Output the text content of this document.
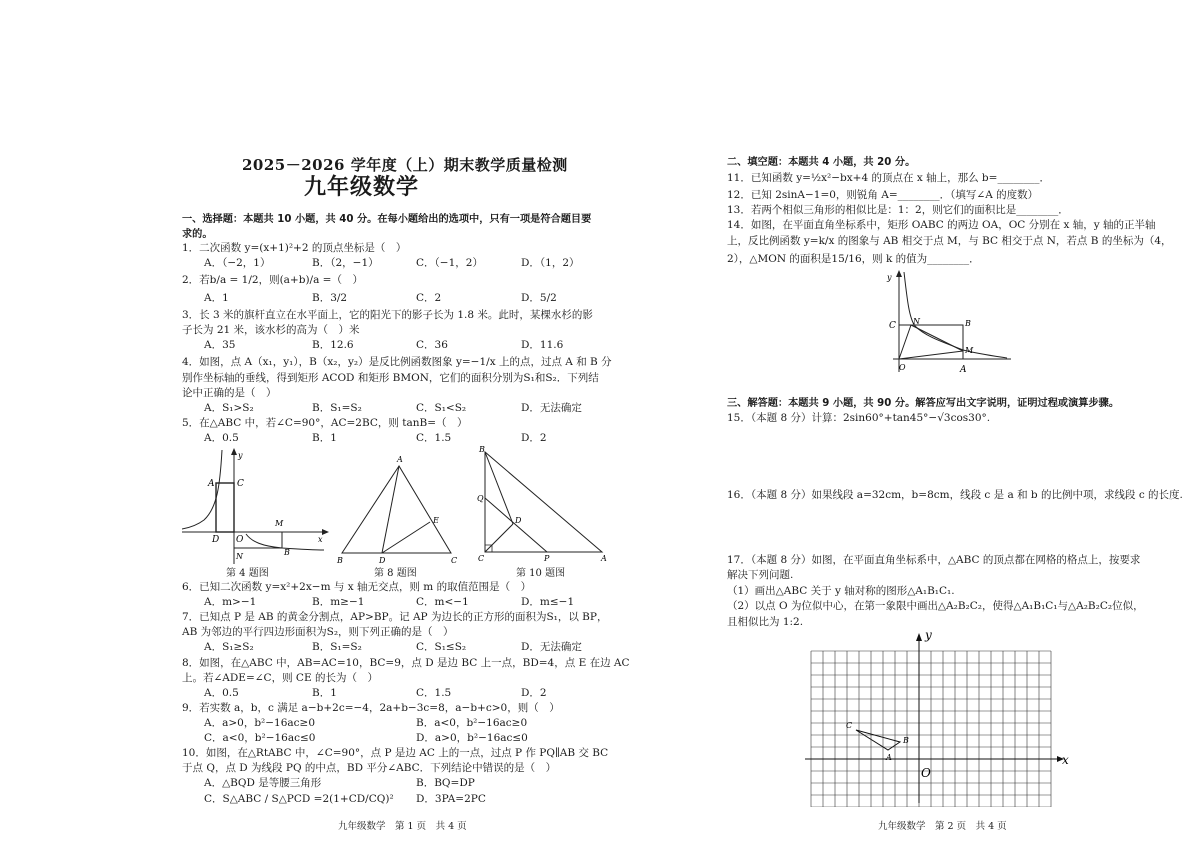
2025－2026 学年度（上）期末教学质量检测
九年级数学
一、选择题：本题共 10 小题，共 40 分。在每小题给出的选项中，只有一项是符合题目要
求的。
1．二次函数 y=(x+1)²+2 的顶点坐标是（　）
A．（−2，1）	B．（2，−1）	C．（−1，2）	D．（1，2）
2．若b/a = 1/2，则(a+b)/a =（　）
A．1	B．3/2	C．2	D．5/2
3．长 3 米的旗杆直立在水平面上，它的阳光下的影子长为 1.8 米。此时，某棵水杉的影
子长为 21 米，该水杉的高为（　）米
A．35	B．12.6	C．36	D．11.6
4．如图，点 A（x₁，y₁），B（x₂，y₂）是反比例函数图象 y=−1/x 上的点，过点 A 和 B 分
别作坐标轴的垂线，得到矩形 ACOD 和矩形 BMON，它们的面积分别为S₁和S₂．下列结
论中正确的是（　）
A．S₁>S₂	B．S₁=S₂	C．S₁<S₂	D．无法确定
5．在△ABC 中，若∠C=90°，AC=2BC，则 tanB=（　）
A．0.5	B．1	C．1.5	D．2
y
A	C
D O
M
x
N	B
第 4 题图
A
E
B	D	C
第 8 题图
B
Q
D
C	P	A
第 10 题图
6．已知二次函数 y=x²+2x−m 与 x 轴无交点，则 m 的取值范围是（　）
A．m>−1	B．m≥−1	C．m<−1	D．m≤−1
7．已知点 P 是 AB 的黄金分割点，AP>BP。记 AP 为边长的正方形的面积为S₁，以 BP，
AB 为邻边的平行四边形面积为S₂，则下列正确的是（　）
A．S₁≥S₂	B．S₁=S₂	C．S₁≤S₂	D．无法确定
8．如图，在△ABC 中，AB=AC=10，BC=9，点 D 是边 BC 上一点，BD=4，点 E 在边 AC
上。若∠ADE=∠C，则 CE 的长为（　）
A．0.5	B．1	C．1.5	D．2
9．若实数 a，b，c 满足 a−b+2c=−4，2a+b−3c=8，a−b+c>0，则（　）
A．a>0，b²−16ac≥0	B．a<0，b²−16ac≥0
C．a<0，b²−16ac≤0	D．a>0，b²−16ac≤0
10．如图，在△RtABC 中，∠C=90°，点 P 是边 AC 上的一点，过点 P 作 PQ∥AB 交 BC
于点 Q，点 D 为线段 PQ 的中点，BD 平分∠ABC．下列结论中错误的是（　）
A．△BQD 是等腰三角形	B．BQ=DP
C．S△ABC / S△PCD =2(1+CD/CQ)² D．3PA=2PC
九年级数学　第 1 页　共 4 页
二、填空题：本题共 4 小题，共 20 分。
11．已知函数 y=½x²−bx+4 的顶点在 x 轴上，那么 b=________．
12．已知 2sinA−1=0，则锐角 A=________．（填写∠A 的度数）
13．若两个相似三角形的相似比是：1：2，则它们的面积比是________．
14．如图，在平面直角坐标系中，矩形 OABC 的两边 OA，OC 分别在 x 轴，y 轴的正半轴
上，反比例函数 y=k/x 的图象与 AB 相交于点 M，与 BC 相交于点 N，若点 B 的坐标为（4，
2），△MON 的面积是15/16，则 k 的值为________．
y
C N	B
M
O	A
三、解答题：本题共 9 小题，共 90 分。解答应写出文字说明，证明过程或演算步骤。
15．（本题 8 分）计算：2sin60°+tan45°−√3cos30°.
16．（本题 8 分）如果线段 a=32cm，b=8cm，线段 c 是 a 和 b 的比例中项，求线段 c 的长度.
17．（本题 8 分）如图，在平面直角坐标系中，△ABC 的顶点都在网格的格点上，按要求
解决下列问题.
（1）画出△ABC 关于 y 轴对称的图形△A₁B₁C₁.
（2）以点 O 为位似中心，在第一象限中画出△A₂B₂C₂，使得△A₁B₁C₁与△A₂B₂C₂位似，
且相似比为 1:2.
y
x
O
C
B
A
九年级数学　第 2 页　共 4 页
